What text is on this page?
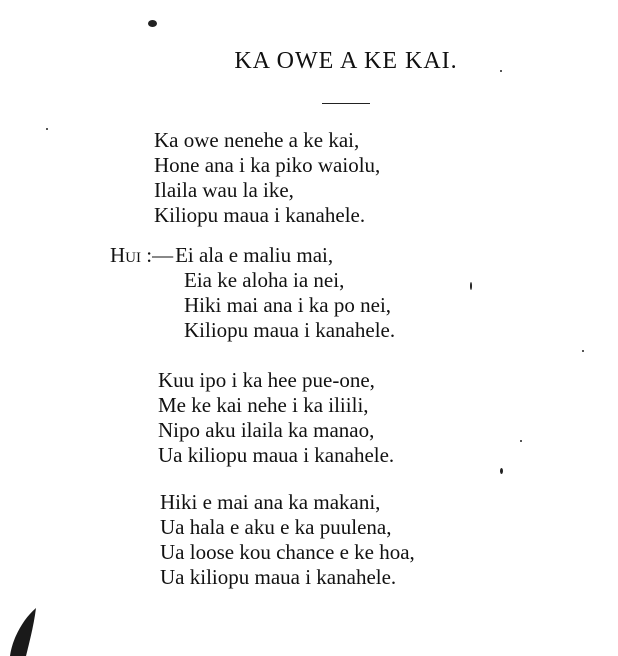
KA OWE A KE KAI.
Ka owe nenehe a ke kai,
Hone ana i ka piko waiolu,
Ilaila wau la ike,
Kiliopu maua i kanahele.
Hui :—Ei ala e maliu mai,
Eia ke aloha ia nei,
Hiki mai ana i ka po nei,
Kiliopu maua i kanahele.
Kuu ipo i ka hee pue-one,
Me ke kai nehe i ka iliili,
Nipo aku ilaila ka manao,
Ua kiliopu maua i kanahele.
Hiki e mai ana ka makani,
Ua hala e aku e ka puulena,
Ua loose kou chance e ke hoa,
Ua kiliopu maua i kanahele.
